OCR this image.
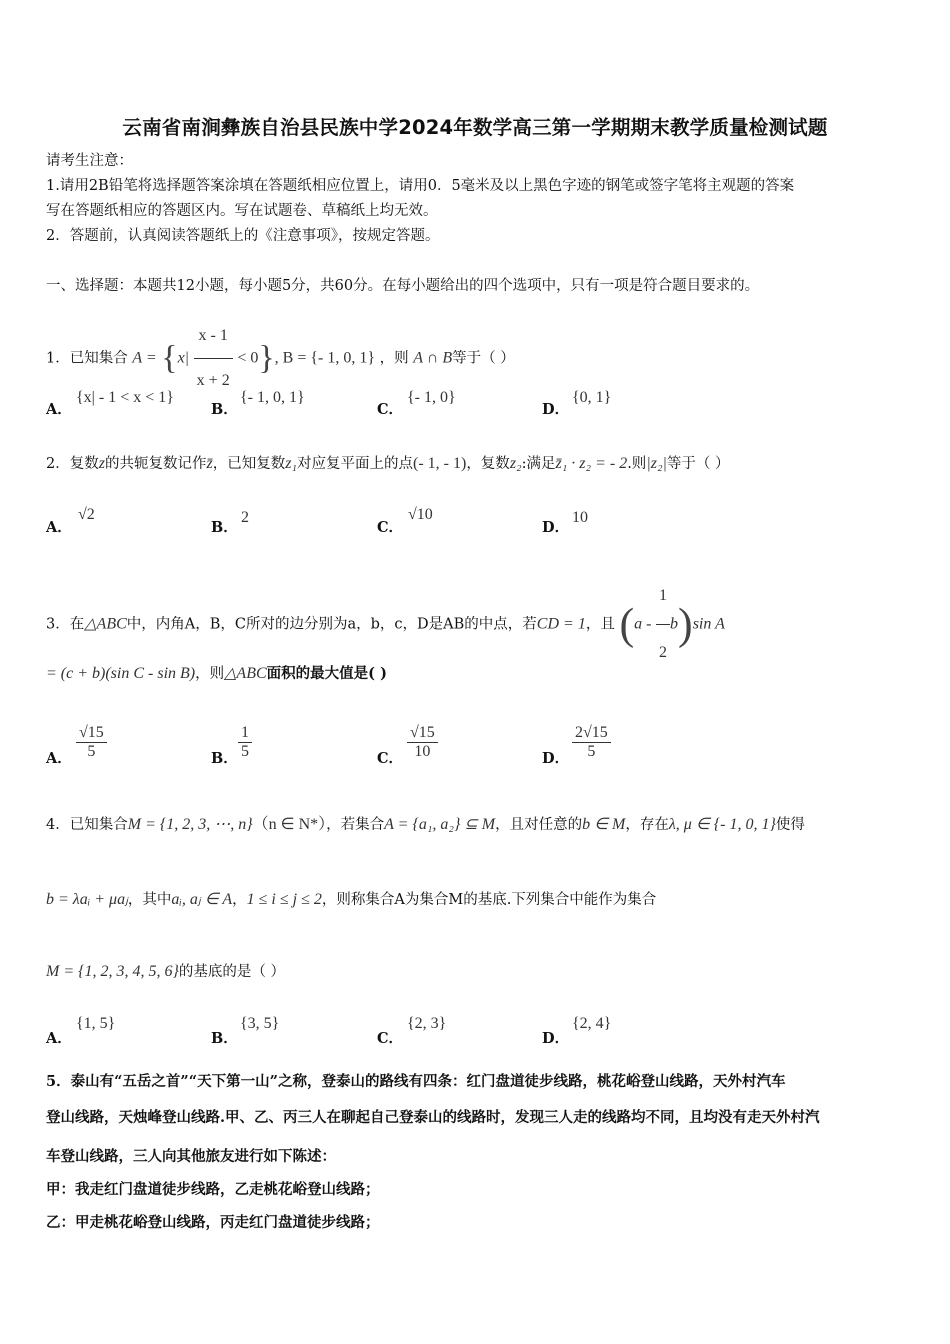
云南省南涧彝族自治县民族中学2024年数学高三第一学期期末教学质量检测试题
请考生注意：
1.请用2B铅笔将选择题答案涂填在答题纸相应位置上，请用0．5毫米及以上黑色字迹的钢笔或签字笔将主观题的答案
写在答题纸相应的答题区内。写在试题卷、草稿纸上均无效。
2．答题前，认真阅读答题纸上的《注意事项》，按规定答题。
一、选择题：本题共12小题，每小题5分，共60分。在每小题给出的四个选项中，只有一项是符合题目要求的。
1．已知集合 $A = \{x| \frac{x - 1}{x + 2} < 0\}$, B = {- 1, 0, 1} ，则 A ∩ B等于（ ）
A．
{x| - 1 < x < 1}
B．
{- 1, 0, 1}
C．
{- 1, 0}
D．
{0, 1}
2．复数z的共轭复数记作z̄，已知复数z₁对应复平面上的点(- 1, - 1)，复数z₂:满足z̄₁ · z₂ = - 2.则|z₂|等于（ ）
A．
√2
B．
2
C．
√10
D．
10
3．在△ABC中，内角A，B，C所对的边分别为a，b，c，D是AB的中点，若CD = 1，且 $(a - \frac{1}{2} b)\sin$ A
= (c + b)(sin C - sin B)，则△ABC面积的最大值是( )
A． $\frac{√15}{5}$	B． $\frac{1}{5}$	C． $\frac{√15}{10}$	D． $\frac{2√15}{5}$
4．已知集合M = {1, 2, 3, ⋯, n}（n ∈ N*），若集合A = {a₁, a₂} ⊆ M，且对任意的b ∈ M，存在λ, μ ∈ {- 1, 0, 1}使得
b = λaᵢ + μaⱼ，其中aᵢ, aⱼ ∈ A，1 ≤ i ≤ j ≤ 2，则称集合A为集合M的基底.下列集合中能作为集合
M = {1, 2, 3, 4, 5, 6}的基底的是（ ）
A．
{1, 5}
B．
{3, 5}
C．
{2, 3}
D．
{2, 4}
5．泰山有“五岳之首”“天下第一山”之称，登泰山的路线有四条：红门盘道徒步线路，桃花峪登山线路，天外村汽车
登山线路，天烛峰登山线路.甲、乙、丙三人在聊起自己登泰山的线路时，发现三人走的线路均不同，且均没有走天外村汽
车登山线路，三人向其他旅友进行如下陈述：
甲：我走红门盘道徒步线路，乙走桃花峪登山线路；
乙：甲走桃花峪登山线路，丙走红门盘道徒步线路；
